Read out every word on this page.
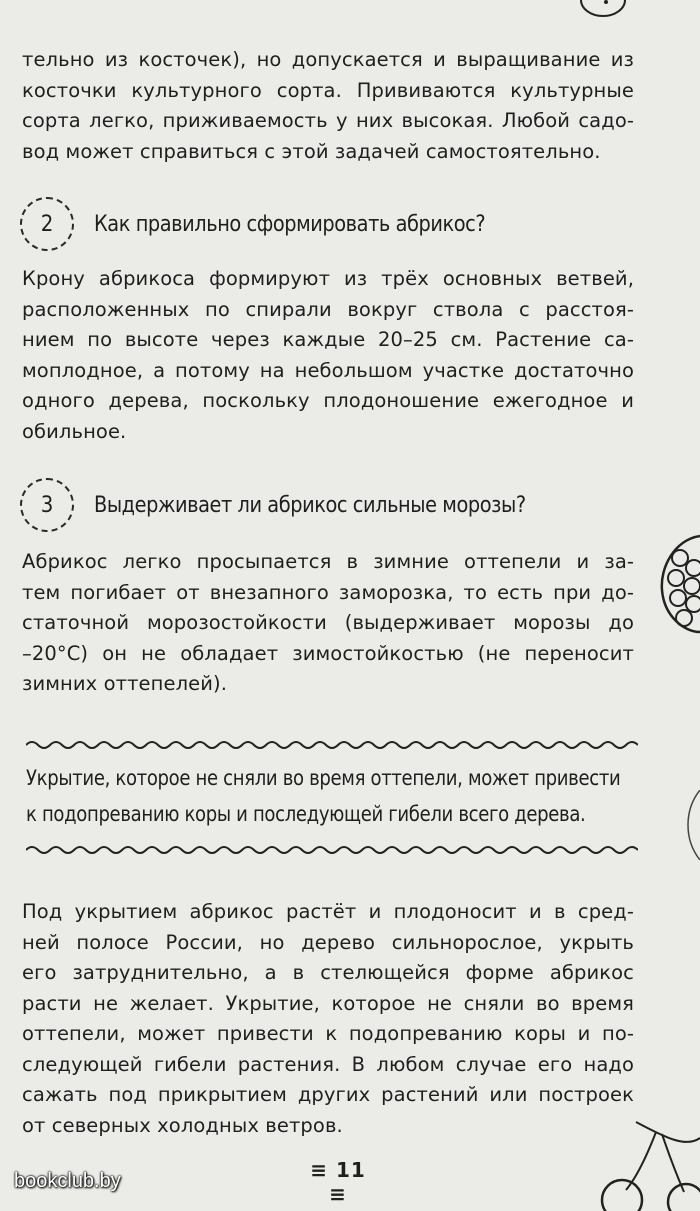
тельно из косточек), но допускается и выращивание из
косточки культурного сорта. Прививаются культурные
сорта легко, приживаемость у них высокая. Любой садо-
вод может справиться с этой задачей самостоятельно.

2	Как правильно сформировать абрикос?

Крону абрикоса формируют из трёх основных ветвей,
расположенных по спирали вокруг ствола с расстоя-
нием по высоте через каждые 20–25 см. Растение са-
моплодное, а потому на небольшом участке достаточно
одного дерева, поскольку плодоношение ежегодное и
обильное.

3	Выдерживает ли абрикос сильные морозы?

Абрикос легко просыпается в зимние оттепели и за-
тем погибает от внезапного заморозка, то есть при до-
статочной морозостойкости (выдерживает морозы до
–20°С) он не обладает зимостойкостью (не переносит
зимних оттепелей).

Укрытие, которое не сняли во время оттепели, может привести
к подопреванию коры и последующей гибели всего дерева.

Под укрытием абрикос растёт и плодоносит и в сред-
ней полосе России, но дерево сильнорослое, укрыть
его затруднительно, а в стелющейся форме абрикос
расти не желает. Укрытие, которое не сняли во время
оттепели, может привести к подопреванию коры и по-
следующей гибели растения. В любом случае его надо
сажать под прикрытием других растений или построек
от северных холодных ветров.

≡ 11 ≡
bookclub.by
